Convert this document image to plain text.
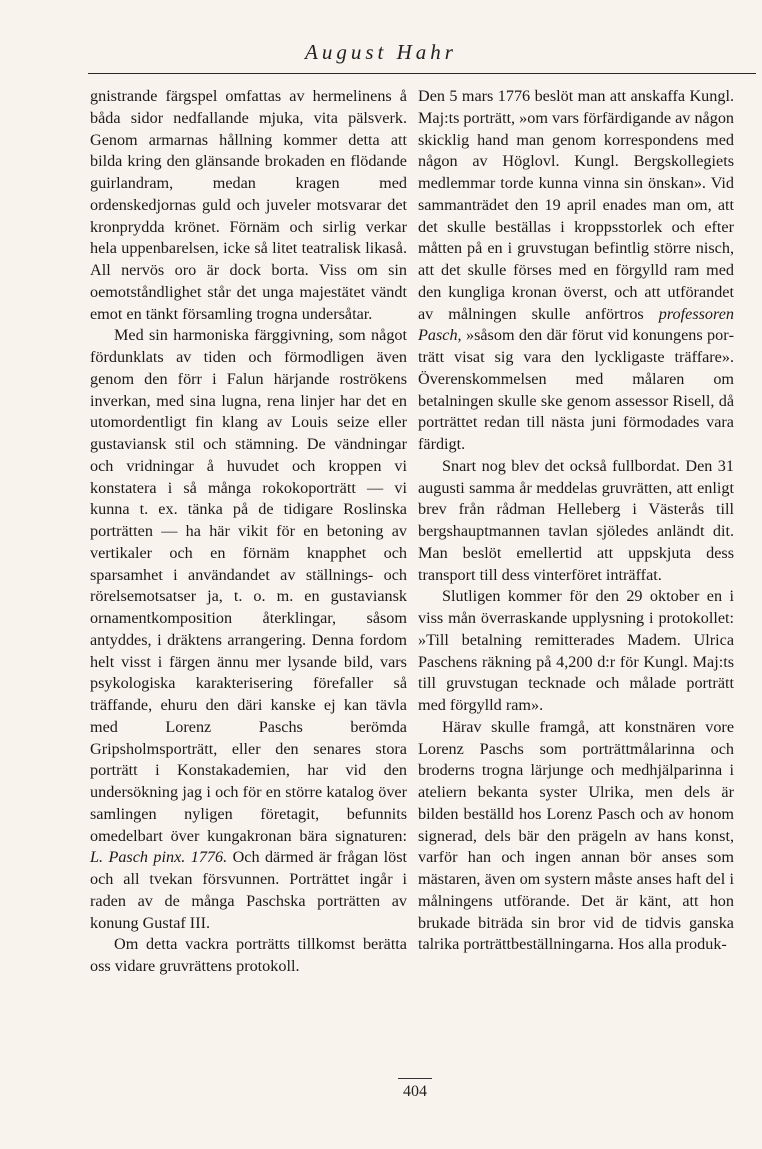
August Hahr

gnistrande färgspel omfattas av hermelinens å båda sidor nedfallande mjuka, vita pälsverk. Genom armarnas hållning kommer detta att bilda kring den glänsande brokaden en flödande guirlandram, medan kragen med ordenskedjornas guld och juveler motsvarar det kronprydda krönet. Förnäm och sirlig verkar hela uppenbarelsen, icke så litet teatralisk likaså. All nervös oro är dock borta. Viss om sin oemotståndlighet står det unga majestätet vändt emot en tänkt församling trogna undersåtar.

Med sin harmoniska färggivning, som något fördunklats av tiden och förmodligen även genom den förr i Falun härjande roströkens inverkan, med sina lugna, rena linjer har det en utomordentligt fin klang av Louis seize eller gustaviansk stil och stämning. De vändningar och vridningar å huvudet och kroppen vi konstatera i så många rokokoporträtt — vi kunna t. ex. tänka på de tidigare Roslinska porträtten — ha här vikit för en betoning av vertikaler och en förnäm knapphet och sparsamhet i användandet av ställnings- och rörelsemotsatser ja, t. o. m. en gustaviansk ornamentkomposition återklingar, såsom antyddes, i dräktens arrangering. Denna fordom helt visst i färgen ännu mer lysande bild, vars psykologiska karakterisering förefaller så träffande, ehuru den däri kanske ej kan tävla med Lorenz Paschs berömda Gripsholmsporträtt, eller den senares stora porträtt i Konstakademien, har vid den undersökning jag i och för en större katalog över samlingen nyligen företagit, befunnits omedelbart över kungakronan bära signaturen: L. Pasch pinx. 1776. Och därmed är frågan löst och all tvekan försvunnen. Porträttet ingår i raden av de många Paschska porträtten av konung Gustaf III.

Om detta vackra porträtts tillkomst berätta oss vidare gruvrättens protokoll.

Den 5 mars 1776 beslöt man att anskaffa Kungl. Maj:ts porträtt, »om vars förfärdigande av någon skicklig hand man genom korrespondens med någon av Höglovl. Kungl. Bergskollegiets medlemmar torde kunna vinna sin önskan». Vid sammanträdet den 19 april enades man om, att det skulle beställas i kroppsstorlek och efter måtten på en i gruvstugan befintlig större nisch, att det skulle förses med en förgylld ram med den kungliga kronan överst, och att utförandet av målningen skulle anförtros professoren Pasch, »såsom den där förut vid konungens porträtt visat sig vara den lyckligaste träffare». Överenskommelsen med målaren om betalningen skulle ske genom assessor Risell, då porträttet redan till nästa juni förmodades vara färdigt.

Snart nog blev det också fullbordat. Den 31 augusti samma år meddelas gruvrätten, att enligt brev från rådman Helleberg i Västerås till bergshauptmannen tavlan sjöledes anländt dit. Man beslöt emellertid att uppskjuta dess transport till dess vinterföret inträffat.

Slutligen kommer för den 29 oktober en i viss mån överraskande upplysning i protokollet: »Till betalning remitterades Madem. Ulrica Paschens räkning på 4,200 d:r för Kungl. Maj:ts till gruvstugan tecknade och målade porträtt med förgylld ram».

Härav skulle framgå, att konstnären vore Lorenz Paschs som porträttmålarinna och broderns trogna lärjunge och medhjälparinna i ateliern bekanta syster Ulrika, men dels är bilden beställd hos Lorenz Pasch och av honom signerad, dels bär den prägeln av hans konst, varför han och ingen annan bör anses som mästaren, även om systern måste anses haft del i målningens utförande. Det är känt, att hon brukade biträda sin bror vid de tidvis ganska talrika porträttbeställningarna. Hos alla produk-

404
